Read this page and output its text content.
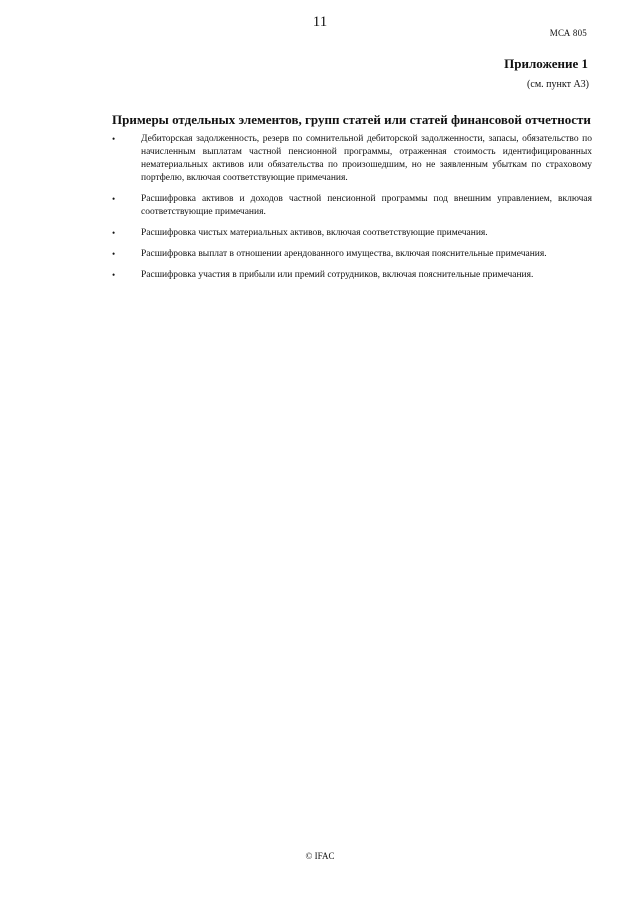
11
МСА 805
Приложение 1
(см. пункт А3)
Примеры отдельных элементов, групп статей или статей финансовой отчетности
•	Дебиторская задолженность, резерв по сомнительной дебиторской задолженности, запасы, обязательство по начисленным выплатам частной пенсионной программы, отраженная стоимость идентифицированных нематериальных активов или обязательства по произошедшим, но не заявленным убыткам по страховому портфелю, включая соответствующие примечания.
•	Расшифровка активов и доходов частной пенсионной программы под внешним управлением, включая соответствующие примечания.
•	Расшифровка чистых материальных активов, включая соответствующие примечания.
•	Расшифровка выплат в отношении арендованного имущества, включая пояснительные примечания.
•	Расшифровка участия в прибыли или премий сотрудников, включая пояснительные примечания.
© IFAC
